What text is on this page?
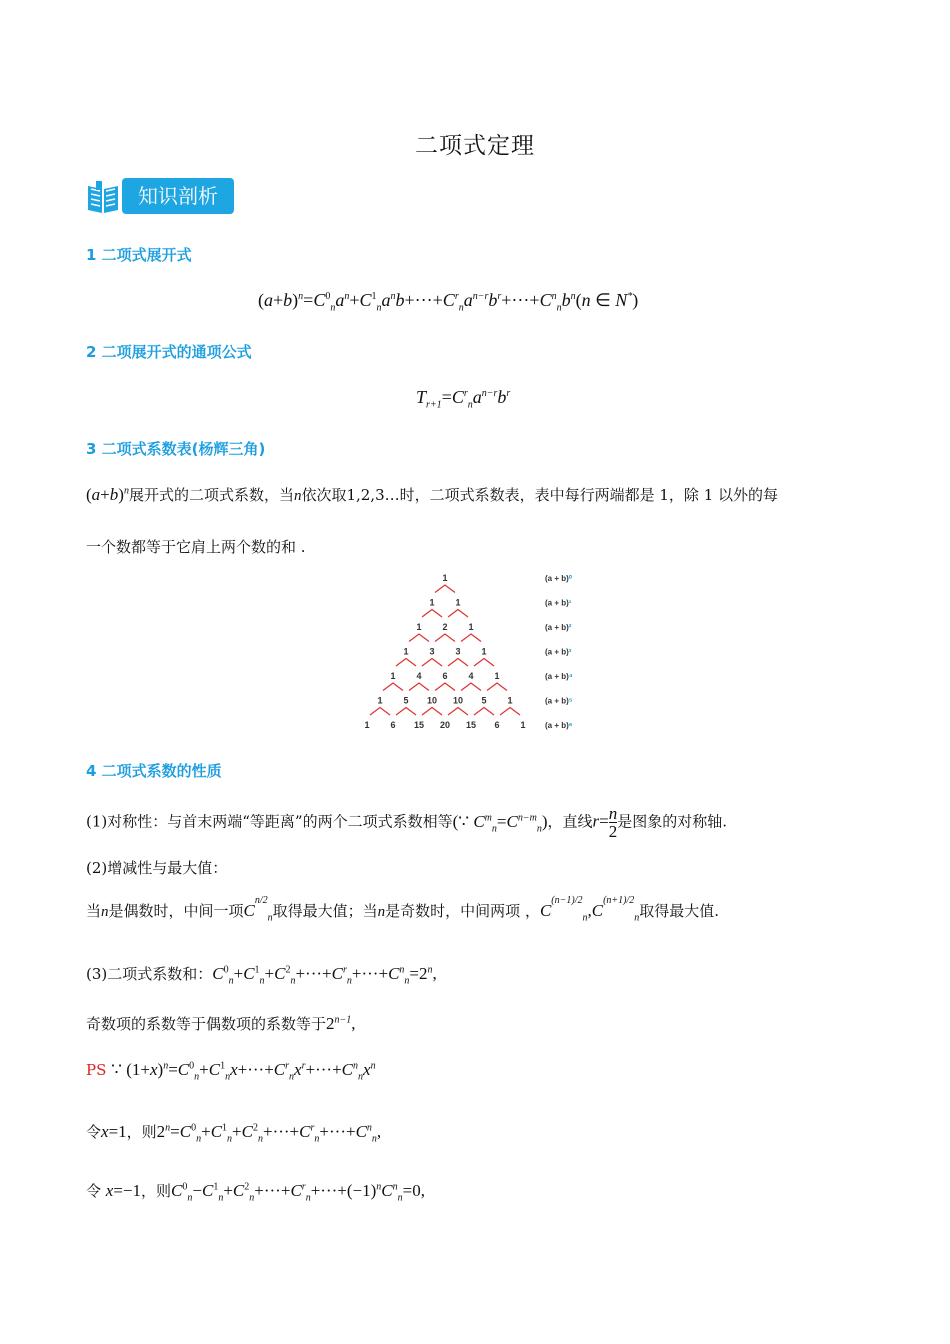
二项式定理
知识剖析
1 二项式展开式
$(a+b)^n=C^0_na^n+C^1_na^nb+\cdot\cdot\cdot+C^r_na^{n-r}b^r+\cdot\cdot\cdot+C^n_nb^n(n$ ∈ N*)
2 二项展开式的通项公式
$T_{r+1}=C^r_na^{n-r}b^r$
3 二项式系数表(杨辉三角)
$(a+b)^n$展开式的二项式系数，当n依次取1,2,3…时，二项式系数表，表中每行两端都是 1，除 1 以外的每
一个数都等于它肩上两个数的和 .
1
1 1
1 2 1
1 3 3 1
1 4 6 4 1
1 5 10 10 5 1
1 6 15 20 15 6 1
(a + b)⁰
(a + b)¹
(a + b)²
(a + b)³
(a + b)⁴
(a + b)⁵
(a + b)⁶
4 二项式系数的性质
(1)对称性：与首末两端“等距离”的两个二项式系数相等(∵ $C^m_n=C^{n-m}_n$)，直线$r=\frac{n}{2}$ 是图象的对称轴.
(2)增减性与最大值：
当n是偶数时，中间一项$C^{n/2}_n$取得最大值；当n是奇数时，中间两项 ，$C^{(n-1)/2}_n,C^{(n+1)/2}_n$取得最大值.
(3)二项式系数和：$C^0_n+C^1_n+C^2_n+\cdot\cdot\cdot+C^r_n+\cdot\cdot\cdot+C^n_n=2^n$,
奇数项的系数等于偶数项的系数等于$2^{n-1}$,
PS ∵ $(1+x)^n=C^0_n+C^1_nx+\cdot\cdot\cdot+C^r_nx^r+\cdot\cdot\cdot+C^n_nx^n$
令x=1，则$2^n=C^0_n+C^1_n+C^2_n+\cdot\cdot\cdot+C^r_n+\cdot\cdot\cdot+C^n_n$,
令 x=−1，则$C^0_n-C^1_n+C^2_n+\cdot\cdot\cdot+C^r_n+\cdot\cdot\cdot+(-1)^nC^n_n=0$,
